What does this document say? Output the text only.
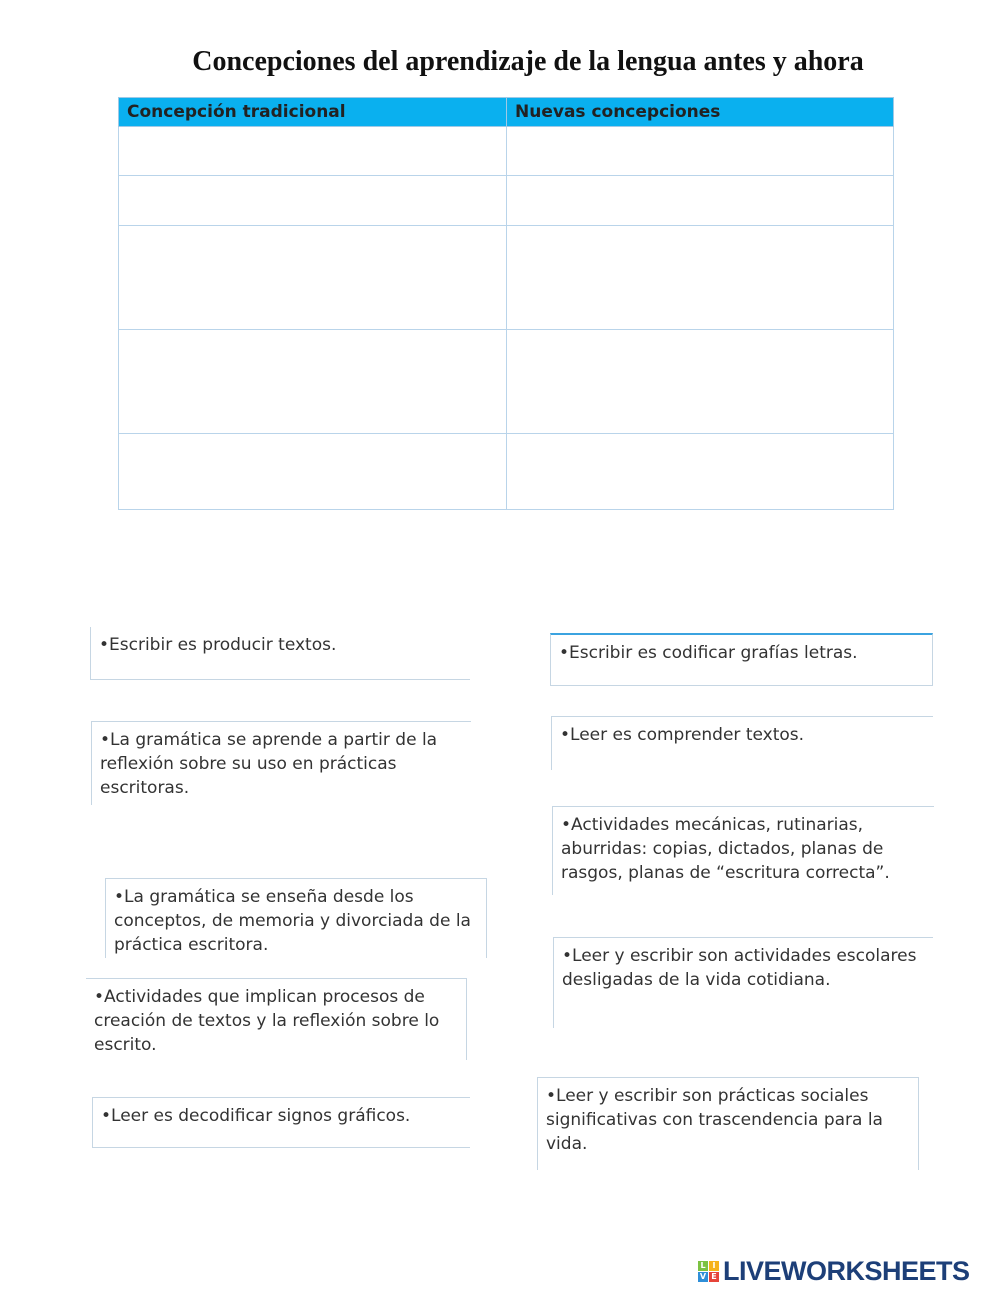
Concepciones del aprendizaje de la lengua antes y ahora
Concepción tradicional	Nuevas concepciones

•Escribir es producir textos.	•Escribir es codificar grafías letras.
•La gramática se aprende a partir de la reflexión sobre su uso en prácticas escritoras.
•Leer es comprender textos.
•Actividades mecánicas, rutinarias, aburridas: copias, dictados, planas de rasgos, planas de “escritura correcta”.
•La gramática se enseña desde los conceptos, de memoria y divorciada de la práctica escritora.
•Leer y escribir son actividades escolares desligadas de la vida cotidiana.
•Actividades que implican procesos de creación de textos y la reflexión sobre lo escrito.
•Leer es decodificar signos gráficos.
•Leer y escribir son prácticas sociales significativas con trascendencia para la vida.
L I
V E LIVEWORKSHEETS
